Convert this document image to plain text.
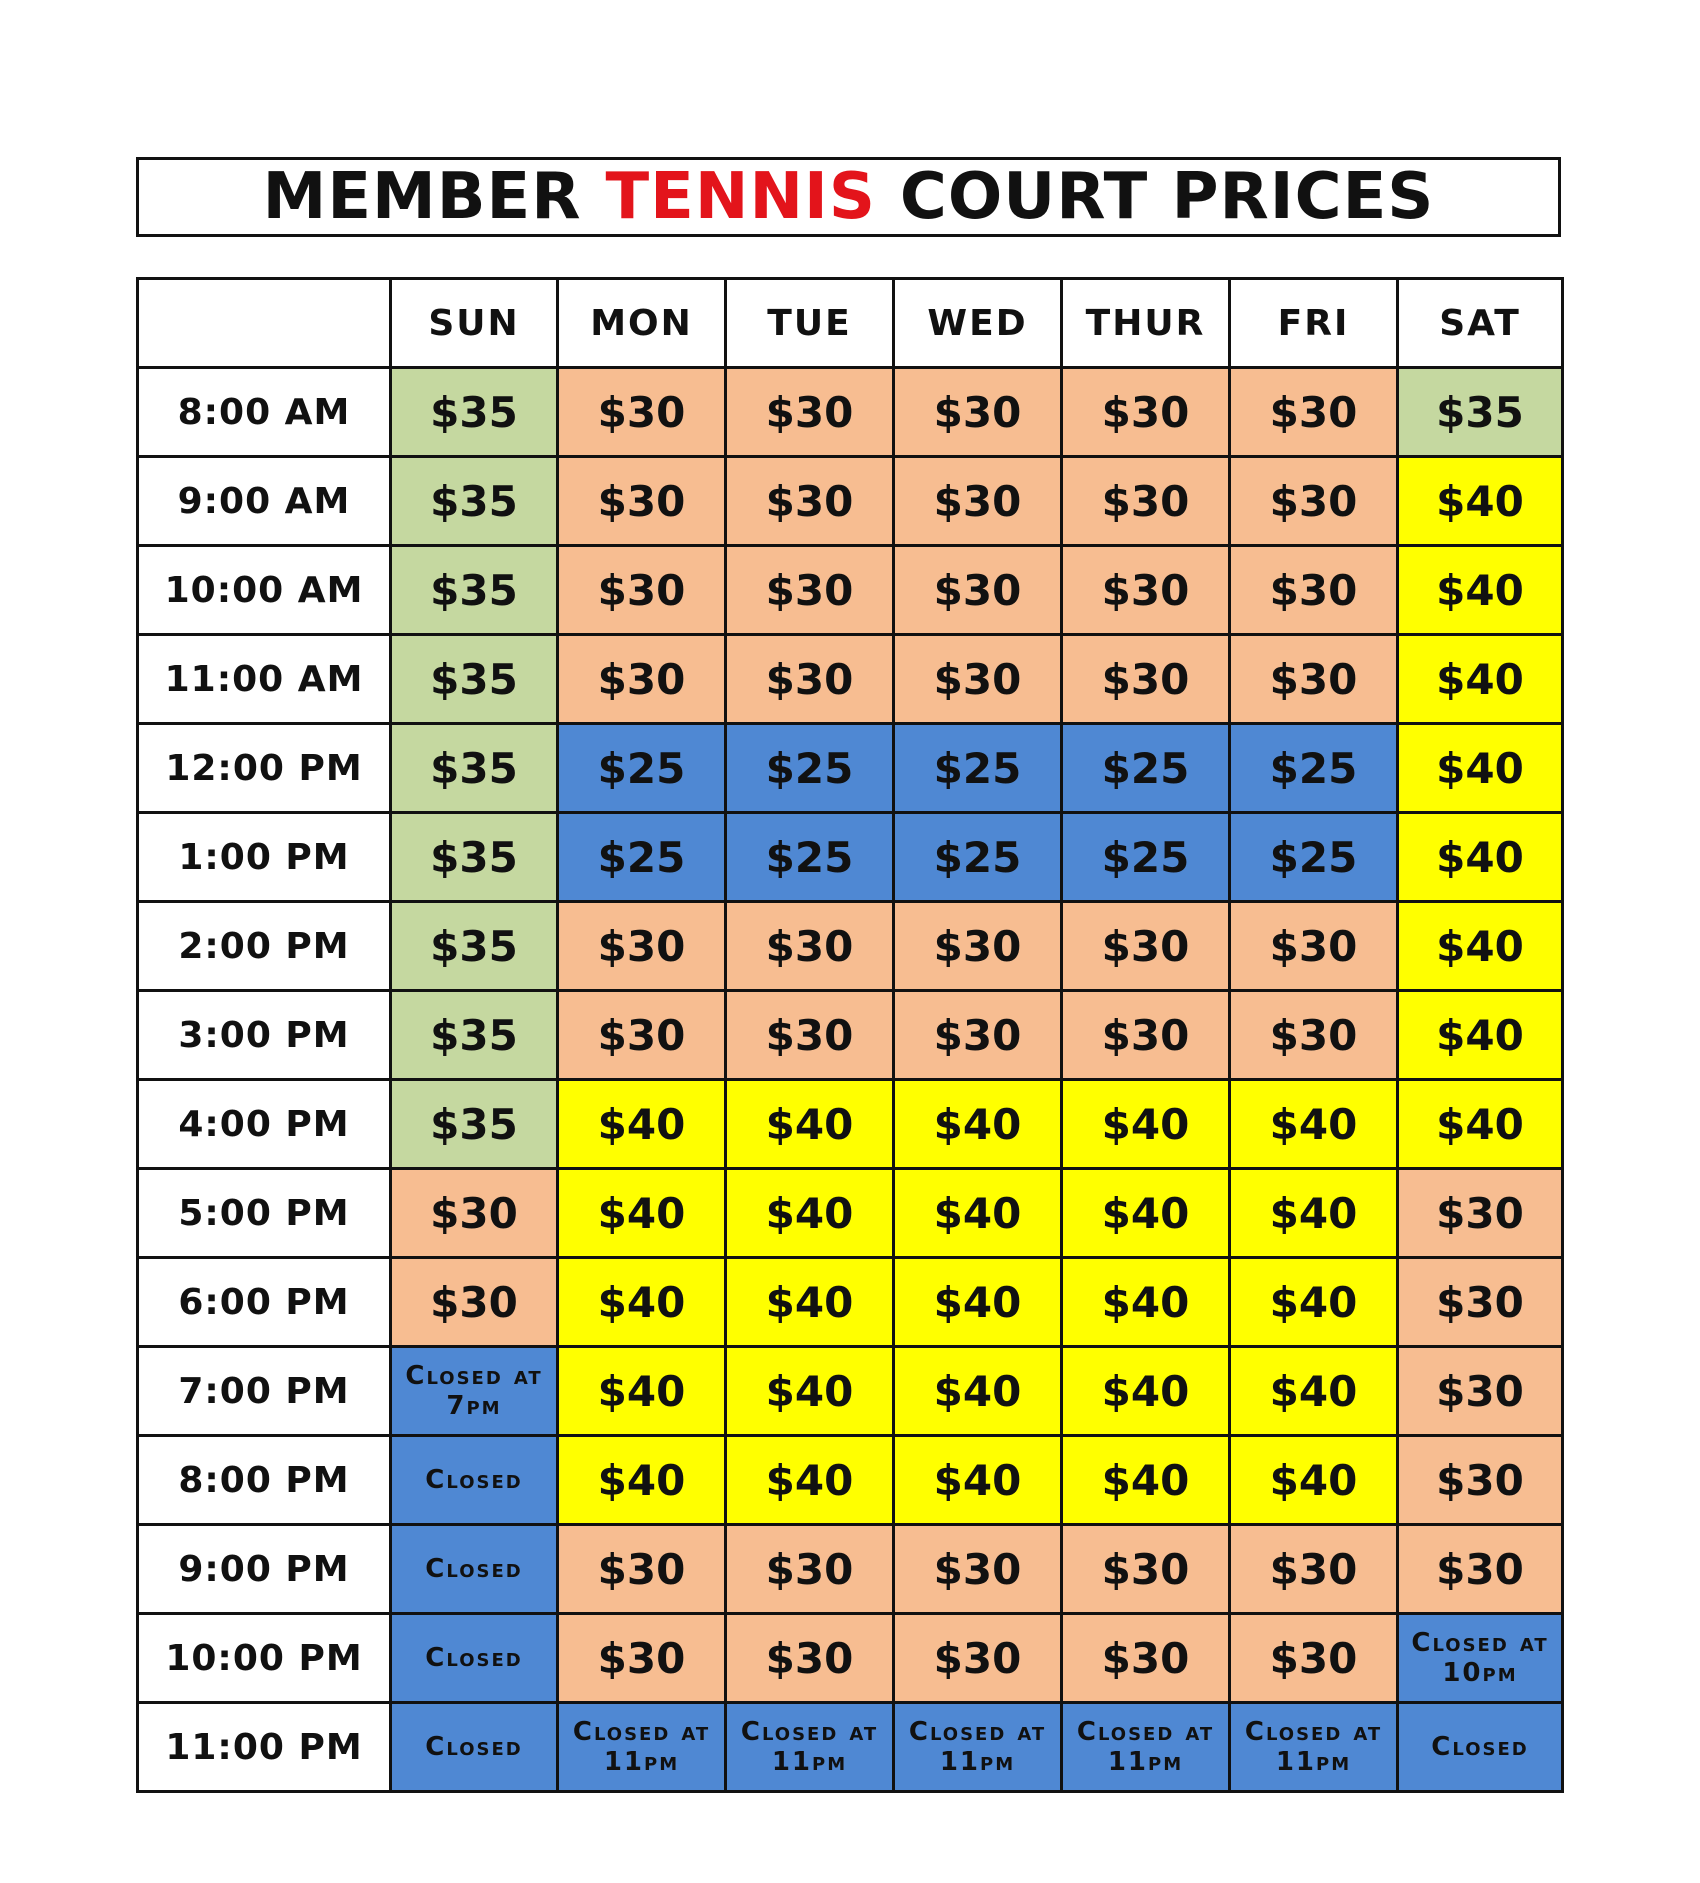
MEMBER TENNIS COURT PRICES
	SUN	MON	TUE	WED	THUR	FRI	SAT
8:00 AM	$35	$30	$30	$30	$30	$30	$35
9:00 AM	$35	$30	$30	$30	$30	$30	$40
10:00 AM	$35	$30	$30	$30	$30	$30	$40
11:00 AM	$35	$30	$30	$30	$30	$30	$40
12:00 PM	$35	$25	$25	$25	$25	$25	$40
1:00 PM	$35	$25	$25	$25	$25	$25	$40
2:00 PM	$35	$30	$30	$30	$30	$30	$40
3:00 PM	$35	$30	$30	$30	$30	$30	$40
4:00 PM	$35	$40	$40	$40	$40	$40	$40
5:00 PM	$30	$40	$40	$40	$40	$40	$30
6:00 PM	$30	$40	$40	$40	$40	$40	$30
7:00 PM	Closed at 7pm	$40	$40	$40	$40	$40	$30
8:00 PM	Closed	$40	$40	$40	$40	$40	$30
9:00 PM	Closed	$30	$30	$30	$30	$30	$30
10:00 PM	Closed	$30	$30	$30	$30	$30	Closed at 10pm

11:00 PM	Closed	Closed at 11pm	Closed at 11pm	Closed at 11pm	Closed at 11pm	Closed at 11pm	Closed
